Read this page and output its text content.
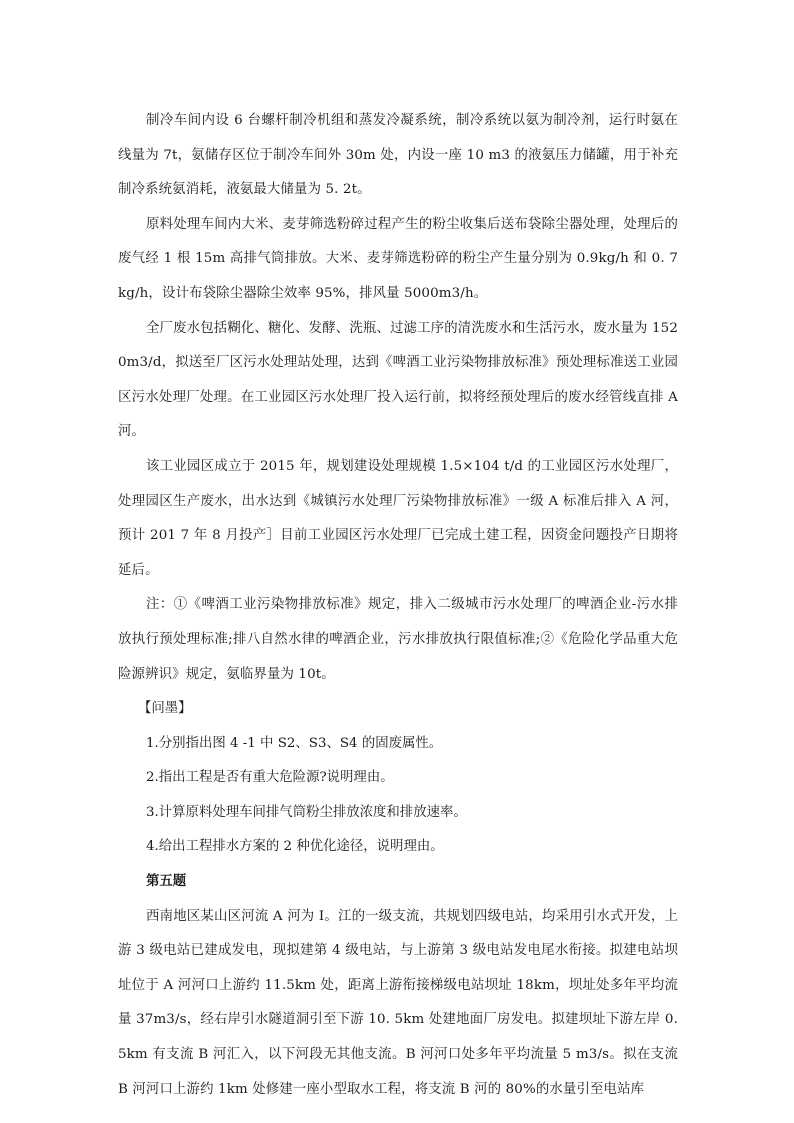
制冷车间内设 6 台螺杆制冷机组和蒸发冷凝系统，制冷系统以氨为制冷剂，运行时氨在线量为 7t，氨储存区位于制冷车间外 30m 处，内设一座 10 m3 的液氨压力储罐，用于补充制冷系统氨消耗，液氨最大储量为 5. 2t。

原料处理车间内大米、麦芽筛选粉碎过程产生的粉尘收集后送布袋除尘器处理，处理后的废气经 1 根 15m 高排气筒排放。大米、麦芽筛选粉碎的粉尘产生量分别为 0.9kg/h 和 0. 7kg/h，设计布袋除尘器除尘效率 95%，排风量 5000m3/h。

全厂废水包括糊化、糖化、发酵、洗瓶、过滤工序的清洗废水和生活污水，废水量为 1520m3/d，拟送至厂区污水处理站处理，达到《啤酒工业污染物排放标准》预处理标准送工业园区污水处理厂处理。在工业园区污水处理厂投入运行前，拟将经预处理后的废水经管线直排 A 河。

该工业园区成立于 2015 年，规划建设处理规模 1.5×104 t/d 的工业园区污水处理厂，处理园区生产废水，出水达到《城镇污水处理厂污染物排放标准》一级 A 标准后排入 A 河，预计 201 7 年 8 月投产］目前工业园区污水处理厂已完成土建工程，因资金问题投产日期将延后。

注：①《啤酒工业污染物排放标准》规定，排入二级城市污水处理厂的啤酒企业-污水排放执行预处理标准;排八自然水律的啤酒企业，污水排放执行限值标准;②《危险化学品重大危险源辨识》规定，氨临界量为 10t。

【问墨】

1.分别指出图 4 -1 中 S2、S3、S4 的固废属性。

2.指出工程是否有重大危险源?说明理由。

3.计算原料处理车间排气筒粉尘排放浓度和排放速率。

4.给出工程排水方案的 2 种优化途径，说明理由。

第五题

西南地区某山区河流 A 河为 I。江的一级支流，共规划四级电站，均采用引水式开发，上游 3 级电站已建成发电，现拟建第 4 级电站，与上游第 3 级电站发电尾水衔接。拟建电站坝址位于 A 河河口上游约 11.5km 处，距离上游衔接梯级电站坝址 18km，坝址处多年平均流量 37m3/s，经右岸引水隧道洞引至下游 10. 5km 处建地面厂房发电。拟建坝址下游左岸 0.5km 有支流 B 河汇入，以下河段无其他支流。B 河河口处多年平均流量 5 m3/s。拟在支流 B 河河口上游约 1km 处修建一座小型取水工程，将支流 B 河的 80%的水量引至电站库
